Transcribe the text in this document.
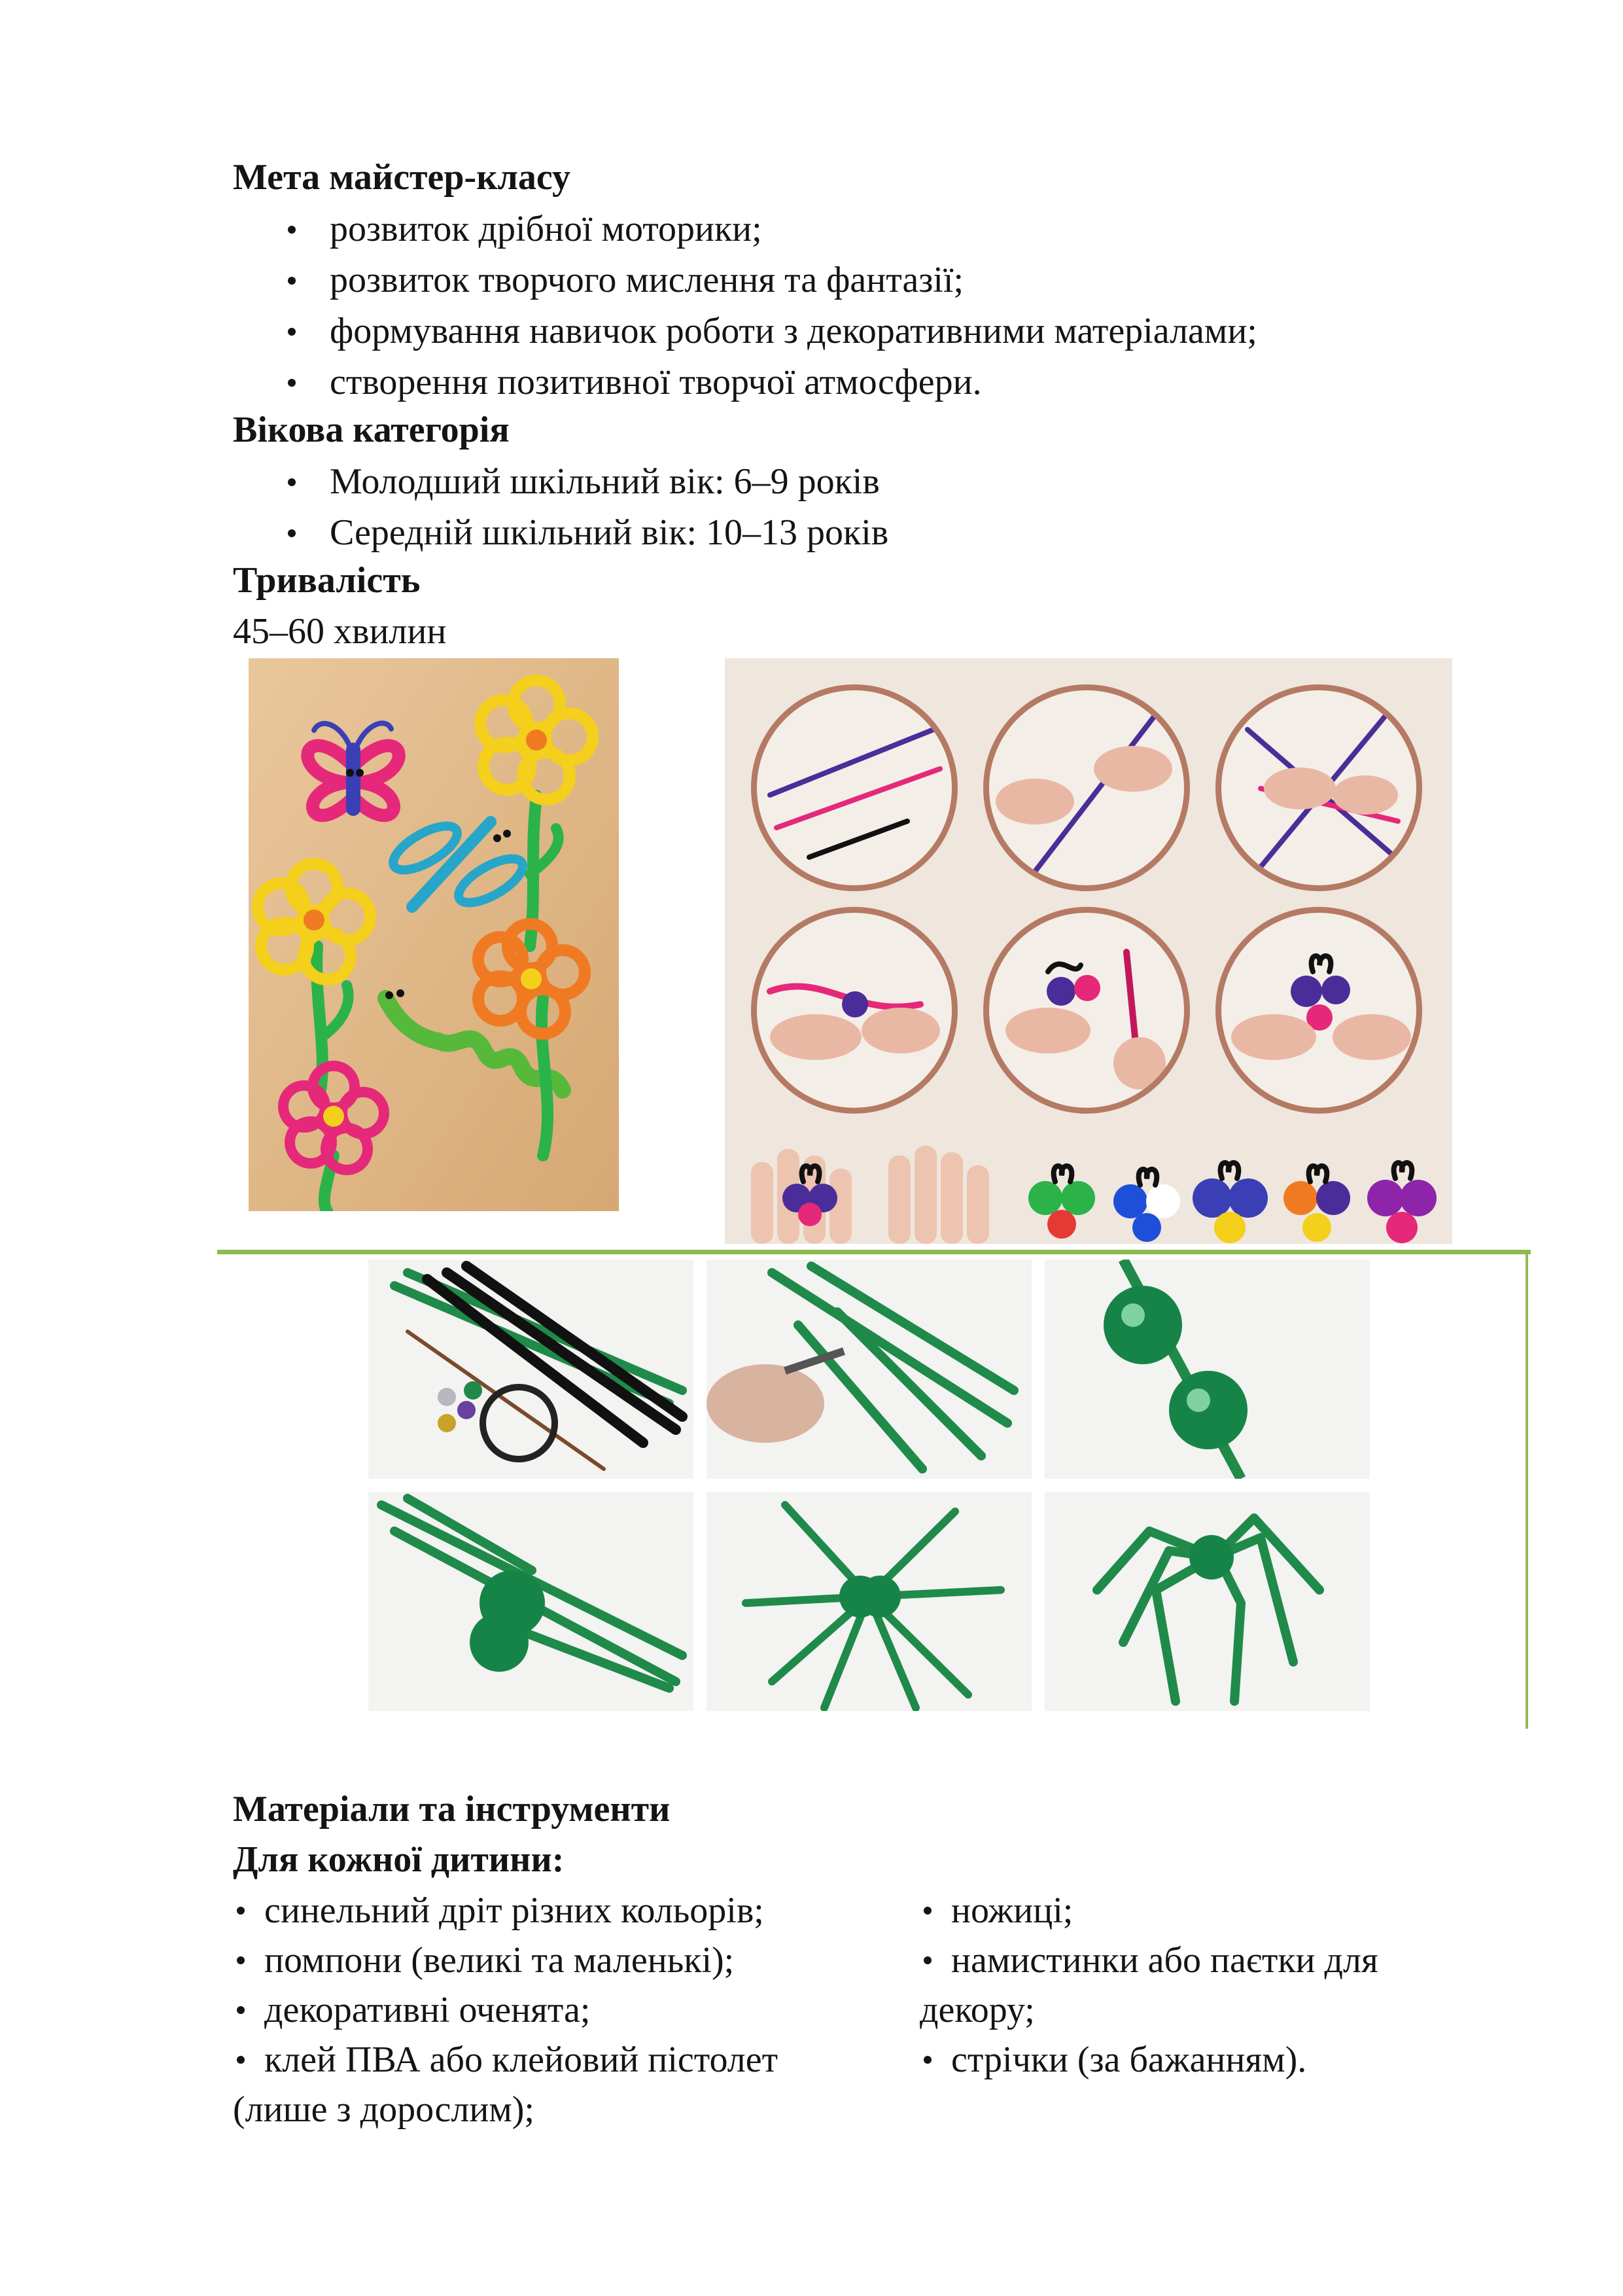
Мета майстер-класу
розвиток дрібної моторики;
розвиток творчого мислення та фантазії;
формування навичок роботи з декоративними матеріалами;
створення позитивної творчої атмосфери.
Вікова категорія
Молодший шкільний вік: 6–9 років
Середній шкільний вік: 10–13 років
Тривалість

45–60 хвилин

Матеріали та інструменти
Для кожної дитини:
синельний дріт різних кольорів;
помпони (великі та маленькі);
декоративні оченята;
клей ПВА або клейовий пістолет
(лише з дорослим);
ножиці;
намистинки або паєтки для
декору;
стрічки (за бажанням).
